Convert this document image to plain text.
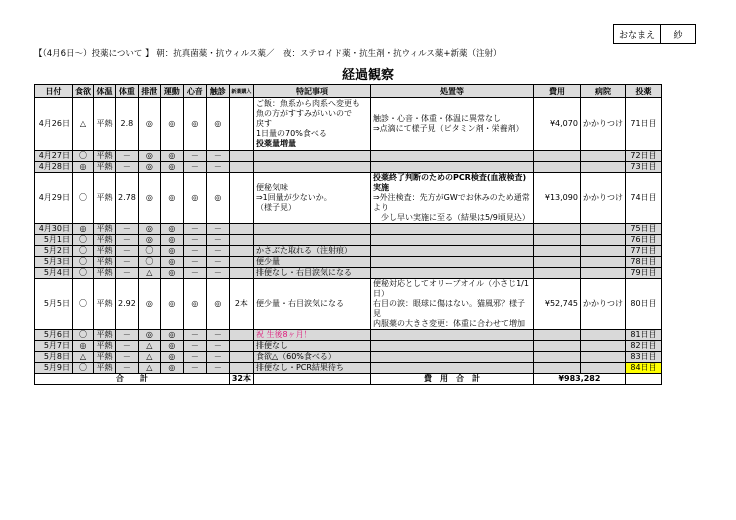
おなまえ	紗
【（4月6日～）投薬について 】 朝：抗真菌薬・抗ウィルス薬／　夜：ステロイド薬・抗生剤・抗ウィルス薬+新薬（注射）
経過観察
日付	食欲	体温	体重	排泄	運動	心音	触診	新薬購入	特記事項	処置等	費用	病院	投薬
4月26日	△	平熱	2.8	◎	◎	◎	◎		ご飯：魚系から肉系へ変更も
魚の方がすすみがいいので
戻す
1日量の70%食べる
投薬量増量	触診・心音・体重・体温に異常なし
⇒点滴にて様子見（ビタミン剤・栄養剤）	¥4,070	かかりつけ	71日目
4月27日	〇	平熱	－	◎	◎	－	－						72日目
4月28日	◎	平熱	－	◎	◎	－	－						73日目
4月29日	〇	平熱	2.78	◎	◎	◎	◎		便秘気味
⇒1回量が少ないか。
（様子見）	投薬終了判断のためのPCR検査(血液検査)実施
⇒外注検査：先方がGWでお休みのため通常より
　少し早い実施に至る（結果は5/9頃見込）	¥13,090	かかりつけ	74日目
4月30日	◎	平熱	－	◎	◎	－	－						75日目
5月1日	〇	平熱	－	◎	◎	－	－						76日目
5月2日	〇	平熱	－	〇	◎	－	－		かさぶた取れる（注射痕）				77日目
5月3日	〇	平熱	－	〇	◎	－	－		便少量				78日目
5月4日	〇	平熱	－	△	◎	－	－		排便なし・右目涙気になる				79日目
5月5日	〇	平熱	2.92	◎	◎	◎	◎	2本	便少量・右目涙気になる	便秘対応としてオリーブオイル（小さじ1/1日）
右目の涙：眼球に傷はない。猫風邪？様子見
内服薬の大きさ変更：体重に合わせて増加	¥52,745	かかりつけ	80日目
5月6日	〇	平熱	－	◎	◎	－	－		祝 生後8ヶ月！				81日目
5月7日	◎	平熱	－	△	◎	－	－		排便なし				82日目
5月8日	△	平熱	－	△	◎	－	－		食欲△（60%食べる）				83日目
5月9日	〇	平熱	－	△	◎	－	－		排便なし・PCR結果待ち				84日目
合　　計								32本		費　用　合　計	¥983,282		
